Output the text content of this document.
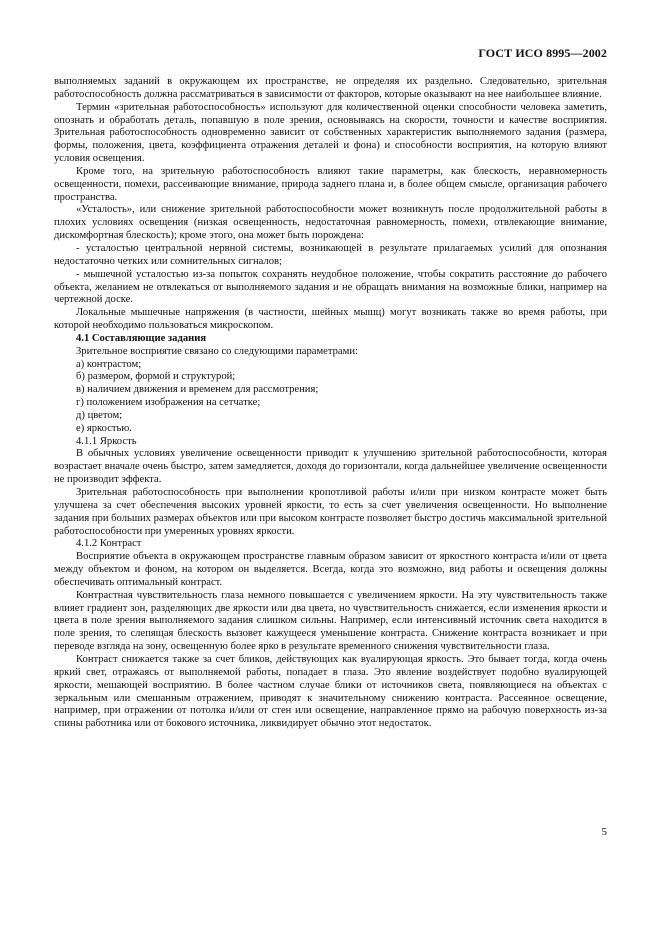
ГОСТ ИСО 8995—2002

выполняемых заданий в окружающем их пространстве, не определяя их раздельно. Следовательно, зрительная работоспособность должна рассматриваться в зависимости от факторов, которые оказывают на нее наибольшее влияние.

Термин «зрительная работоспособность» используют для количественной оценки способности человека заметить, опознать и обработать деталь, попавшую в поле зрения, основываясь на скорости, точности и качестве восприятия. Зрительная работоспособность одновременно зависит от собственных характеристик выполняемого задания (размера, формы, положения, цвета, коэффициента отражения деталей и фона) и способности восприятия, на которую влияют условия освещения.

Кроме того, на зрительную работоспособность влияют такие параметры, как блескость, неравномерность освещенности, помехи, рассеивающие внимание, природа заднего плана и, в более общем смысле, организация рабочего пространства.

«Усталость», или снижение зрительной работоспособности может возникнуть после продолжительной работы в плохих условиях освещения (низкая освещенность, недостаточная равномерность, помехи, отвлекающие внимание, дискомфортная блескость); кроме этого, она может быть порождена:

- усталостью центральной нервной системы, возникающей в результате прилагаемых усилий для опознания недостаточно четких или сомнительных сигналов;

- мышечной усталостью из-за попыток сохранять неудобное положение, чтобы сократить расстояние до рабочего объекта, желанием не отвлекаться от выполняемого задания и не обращать внимания на возможные блики, например на чертежной доске.

Локальные мышечные напряжения (в частности, шейных мышц) могут возникать также во время работы, при которой необходимо пользоваться микроскопом.

4.1 Составляющие задания

Зрительное восприятие связано со следующими параметрами:

а) контрастом;

б) размером, формой и структурой;

в) наличием движения и временем для рассмотрения;

г) положением изображения на сетчатке;

д) цветом;

е) яркостью.

4.1.1 Яркость

В обычных условиях увеличение освещенности приводит к улучшению зрительной работоспособности, которая возрастает вначале очень быстро, затем замедляется, доходя до горизонтали, когда дальнейшее увеличение освещенности не производит эффекта.

Зрительная работоспособность при выполнении кропотливой работы и/или при низком контрасте может быть улучшена за счет обеспечения высоких уровней яркости, то есть за счет увеличения освещенности. Но выполнение задания при больших размерах объектов или при высоком контрасте позволяет быстро достичь максимальной зрительной работоспособности при умеренных уровнях яркости.

4.1.2 Контраст

Восприятие объекта в окружающем пространстве главным образом зависит от яркостного контраста и/или от цвета между объектом и фоном, на котором он выделяется. Всегда, когда это возможно, вид работы и освещения должны обеспечивать оптимальный контраст.

Контрастная чувствительность глаза немного повышается с увеличением яркости. На эту чувствительность также влияет градиент зон, разделяющих две яркости или два цвета, но чувствительность снижается, если изменения яркости и цвета в поле зрения выполняемого задания слишком сильны. Например, если интенсивный источник света находится в поле зрения, то слепящая блескость вызовет кажущееся уменьшение контраста. Снижение контраста возникает и при переводе взгляда на зону, освещенную более ярко в результате временного снижения чувствительности глаза.

Контраст снижается также за счет бликов, действующих как вуалирующая яркость. Это бывает тогда, когда очень яркий свет, отражаясь от выполняемой работы, попадает в глаза. Это явление воздействует подобно вуалирующей яркости, мешающей восприятию. В более частном случае блики от источников света, появляющиеся на объектах с зеркальным или смешанным отражением, приводят к значительному снижению контраста. Рассеянное освещение, например, при отражении от потолка и/или от стен или освещение, направленное прямо на рабочую поверхность из-за спины работника или от бокового источника, ликвидирует обычно этот недостаток.

5
